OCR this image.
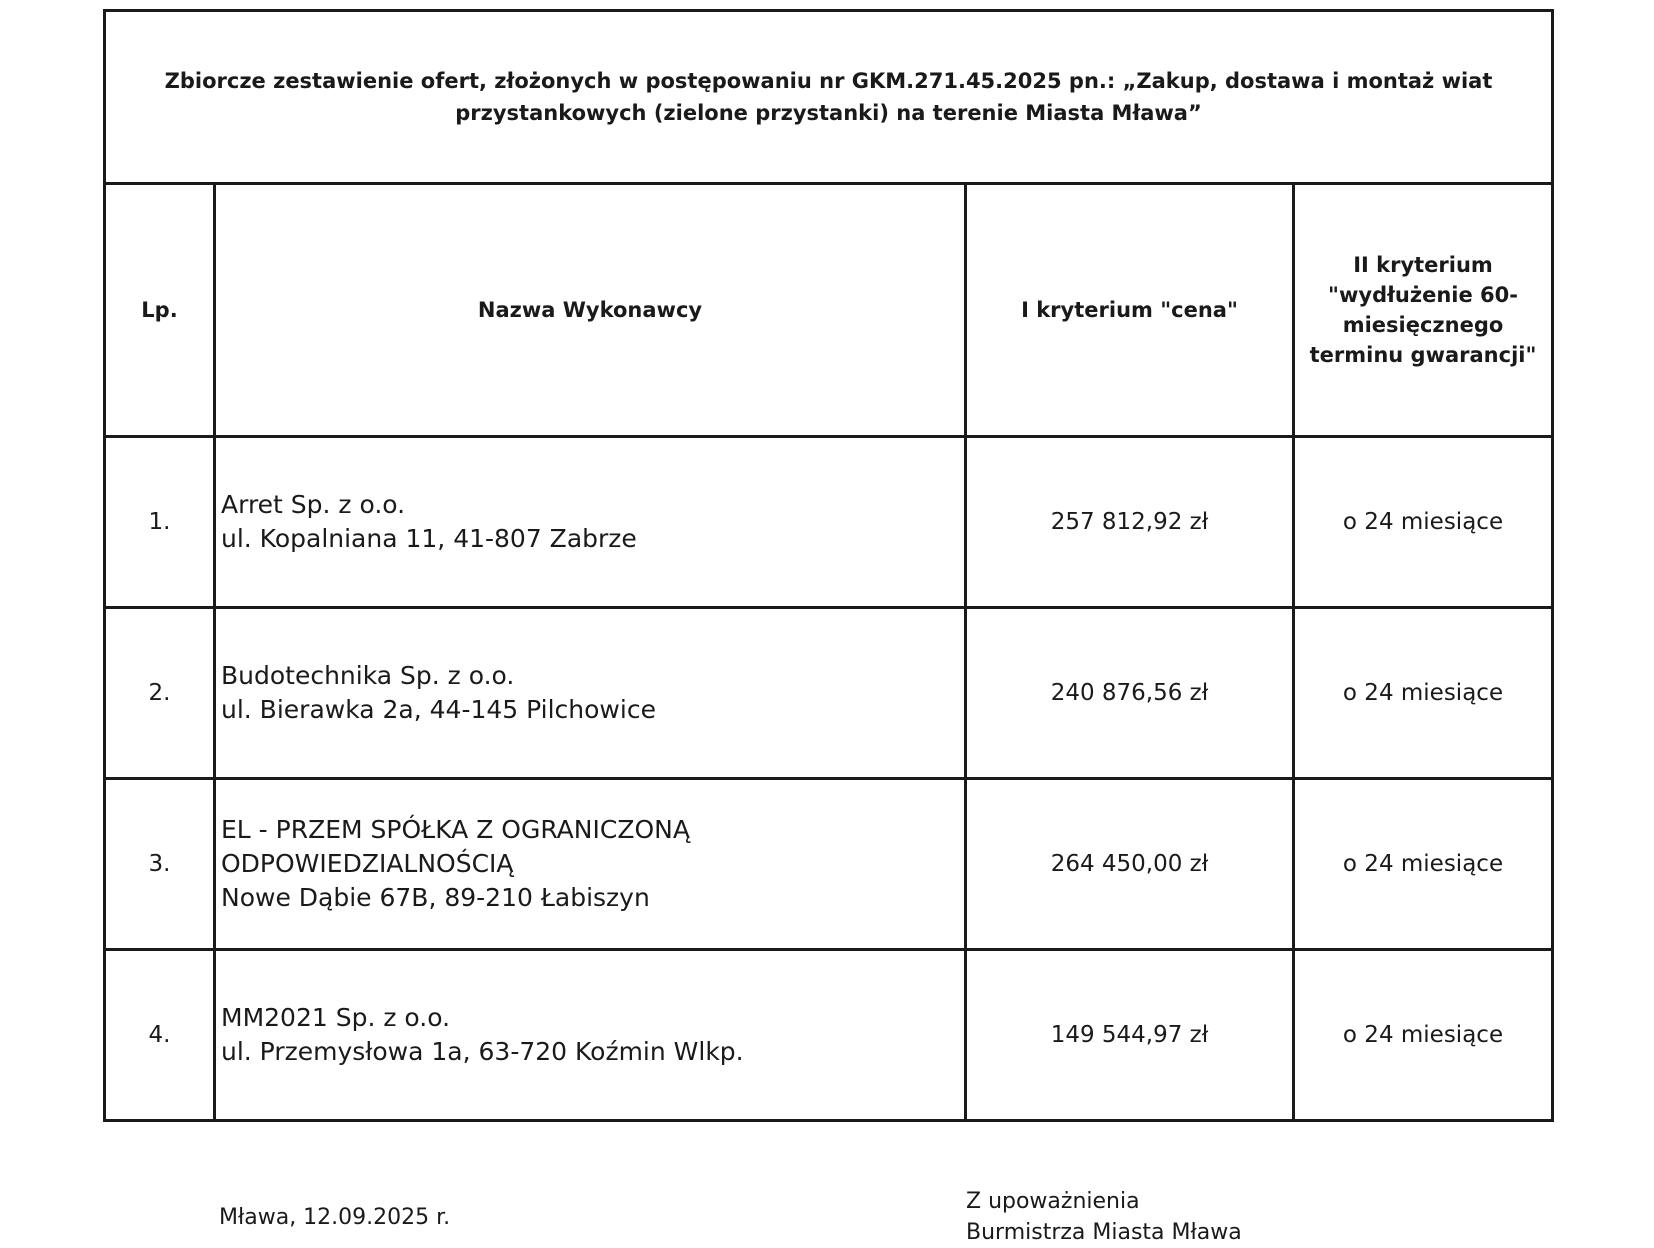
Zbiorcze zestawienie ofert, złożonych w postępowaniu nr GKM.271.45.2025 pn.: „Zakup, dostawa i montaż wiat
przystankowych (zielone przystanki) na terenie Miasta Mława”			

Lp.	Nazwa Wykonawcy	I kryterium "cena"	II kryterium
"wydłużenie 60-
miesięcznego
terminu gwarancji"

1.	Arret Sp. z o.o.
ul. Kopalniana 11, 41-807 Zabrze	257 812,92 zł	o 24 miesiące
2.	Budotechnika Sp. z o.o.
ul. Bierawka 2a, 44-145 Pilchowice	240 876,56 zł	o 24 miesiące
3.	EL - PRZEM SPÓŁKA Z OGRANICZONĄ
ODPOWIEDZIALNOŚCIĄ
Nowe Dąbie 67B, 89-210 Łabiszyn	264 450,00 zł	o 24 miesiące
4.	MM2021 Sp. z o.o.
ul. Przemysłowa 1a, 63-720 Koźmin Wlkp.	149 544,97 zł	o 24 miesiące
Mława, 12.09.2025 r.
Z upoważnienia
Burmistrza Miasta Mława
